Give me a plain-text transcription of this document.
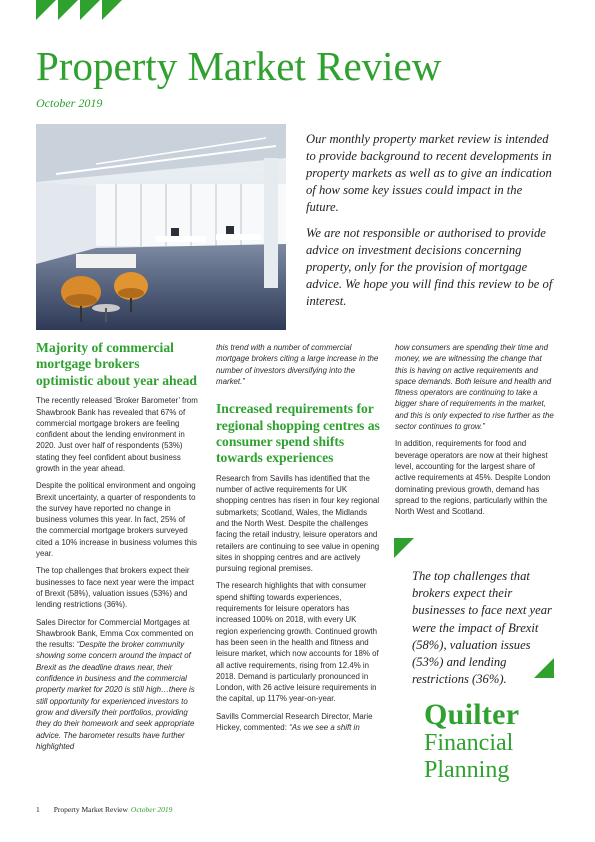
Property Market Review
October 2019

Our monthly property market review is intended to provide background to recent developments in property markets as well as to give an indication of how some key issues could impact in the future.

We are not responsible or authorised to provide advice on investment decisions concerning property, only for the provision of mortgage advice. We hope you will find this review to be of interest.

Majority of commercial mortgage brokers optimistic about year ahead

The recently released ‘Broker Barometer’ from Shawbrook Bank has revealed that 67% of commercial mortgage brokers are feeling confident about the lending environment in 2020. Just over half of respondents (53%) stating they feel confident about business growth in the year ahead.

Despite the political environment and ongoing Brexit uncertainty, a quarter of respondents to the survey have reported no change in business volumes this year. In fact, 25% of the commercial mortgage brokers surveyed cited a 10% increase in business volumes this year.

The top challenges that brokers expect their businesses to face next year were the impact of Brexit (58%), valuation issues (53%) and lending restrictions (36%).

Sales Director for Commercial Mortgages at Shawbrook Bank, Emma Cox commented on the results: “Despite the broker community showing some concern around the impact of Brexit as the deadline draws near, their confidence in business and the commercial property market for 2020 is still high…there is still opportunity for experienced investors to grow and diversify their portfolios, providing they do their homework and seek appropriate advice. The barometer results have further highlighted

this trend with a number of commercial mortgage brokers citing a large increase in the number of investors diversifying into the market.”

Increased requirements for regional shopping centres as consumer spend shifts towards experiences

Research from Savills has identified that the number of active requirements for UK shopping centres has risen in four key regional submarkets; Scotland, Wales, the Midlands and the North West. Despite the challenges facing the retail industry, leisure operators and retailers are continuing to see value in opening sites in shopping centres and are actively pursuing regional premises.

The research highlights that with consumer spend shifting towards experiences, requirements for leisure operators has increased 100% on 2018, with every UK region experiencing growth. Continued growth has been seen in the health and fitness and leisure market, which now accounts for 18% of all active requirements, rising from 12.4% in 2018. Demand is particularly pronounced in London, with 26 active leisure requirements in the capital, up 117% year-on-year.

Savills Commercial Research Director, Marie Hickey, commented: “As we see a shift in

how consumers are spending their time and money, we are witnessing the change that this is having on active requirements and space demands. Both leisure and health and fitness operators are continuing to take a bigger share of requirements in the market, and this is only expected to rise further as the sector continues to grow.”

In addition, requirements for food and beverage operators are now at their highest level, accounting for the largest share of active requirements at 45%. Despite London dominating previous growth, demand has spread to the regions, particularly within the North West and Scotland.

The top challenges that brokers expect their businesses to face next year were the impact of Brexit (58%), valuation issues (53%) and lending restrictions (36%).
Quilter
Financial
Planning
1 Property Market Review October 2019
